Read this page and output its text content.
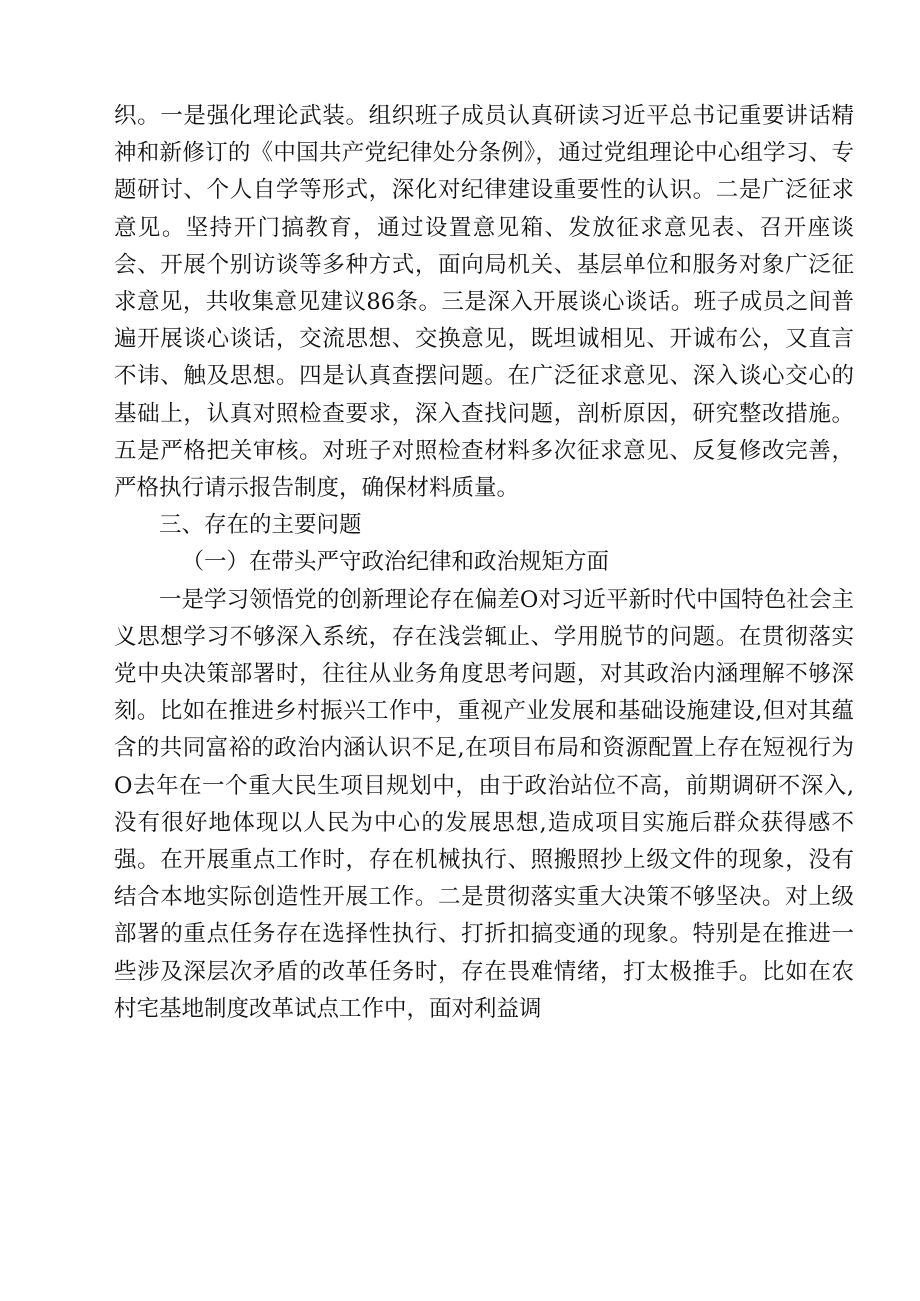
织。一是强化理论武装。组织班子成员认真研读习近平总书记重要讲话精神和新修订的《中国共产党纪律处分条例》，通过党组理论中心组学习、专题研讨、个人自学等形式，深化对纪律建设重要性的认识。二是广泛征求意见。坚持开门搞教育，通过设置意见箱、发放征求意见表、召开座谈会、开展个别访谈等多种方式，面向局机关、基层单位和服务对象广泛征求意见，共收集意见建议86条。三是深入开展谈心谈话。班子成员之间普遍开展谈心谈话，交流思想、交换意见，既坦诚相见、开诚布公，又直言不讳、触及思想。四是认真查摆问题。在广泛征求意见、深入谈心交心的基础上，认真对照检查要求，深入查找问题，剖析原因，研究整改措施。五是严格把关审核。对班子对照检查材料多次征求意见、反复修改完善，严格执行请示报告制度，确保材料质量。

三、存在的主要问题

（一）在带头严守政治纪律和政治规矩方面

一是学习领悟党的创新理论存在偏差O对习近平新时代中国特色社会主义思想学习不够深入系统，存在浅尝辄止、学用脱节的问题。在贯彻落实党中央决策部署时，往往从业务角度思考问题，对其政治内涵理解不够深刻。比如在推进乡村振兴工作中，重视产业发展和基础设施建设,但对其蕴含的共同富裕的政治内涵认识不足,在项目布局和资源配置上存在短视行为O去年在一个重大民生项目规划中，由于政治站位不高，前期调研不深入,没有很好地体现以人民为中心的发展思想,造成项目实施后群众获得感不强。在开展重点工作时，存在机械执行、照搬照抄上级文件的现象，没有结合本地实际创造性开展工作。二是贯彻落实重大决策不够坚决。对上级部署的重点任务存在选择性执行、打折扣搞变通的现象。特别是在推进一些涉及深层次矛盾的改革任务时，存在畏难情绪，打太极推手。比如在农村宅基地制度改革试点工作中，面对利益调
